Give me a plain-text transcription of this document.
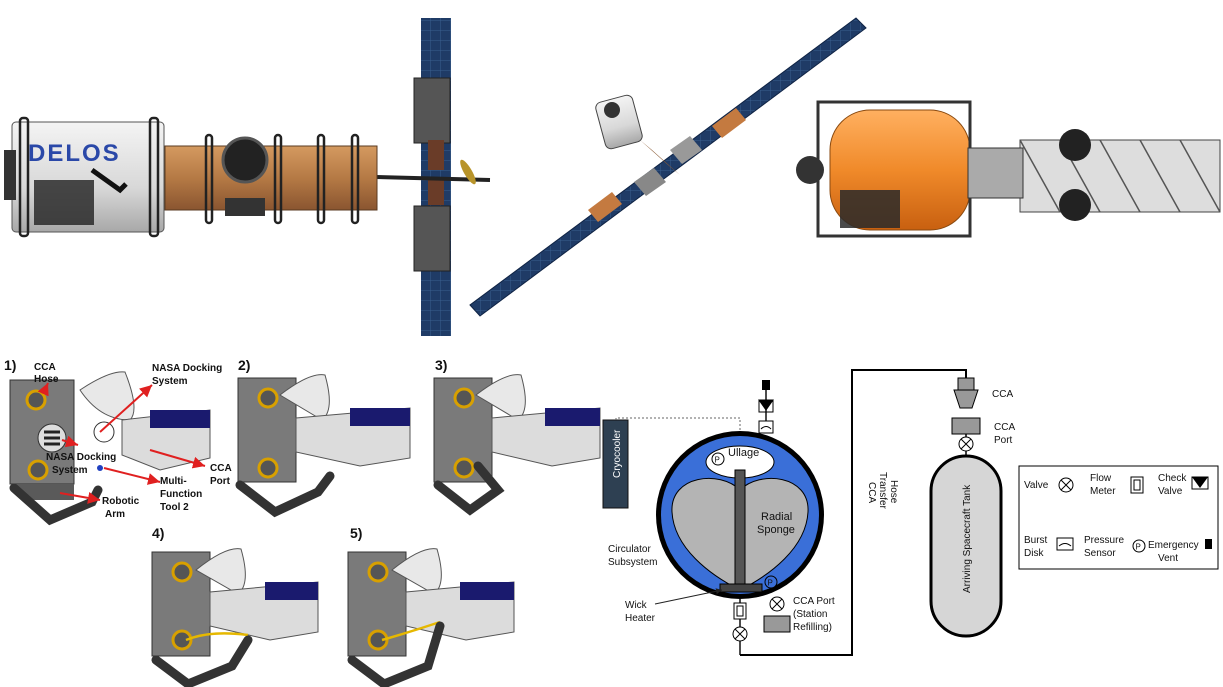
DELOS
1) CCA
Hose
NASA Docking
System
NASA Docking
System	CCA
Port
Multi-
Function
Tool 2
Robotic
Arm
2)	3)
4)	5)
Cryocooler	P
Ullage
P
Radial
Sponge
Circulator
Subsystem
Wick
Heater
CCA Port
(Station
Refilling)
CCA Transfer Hose
CCA
CCA
Port
Arriving Spacecraft Tank	Valve
Flow
Meter
Check
Valve
Burst
Disk
Pressure
Sensor
P Emergency
Vent
